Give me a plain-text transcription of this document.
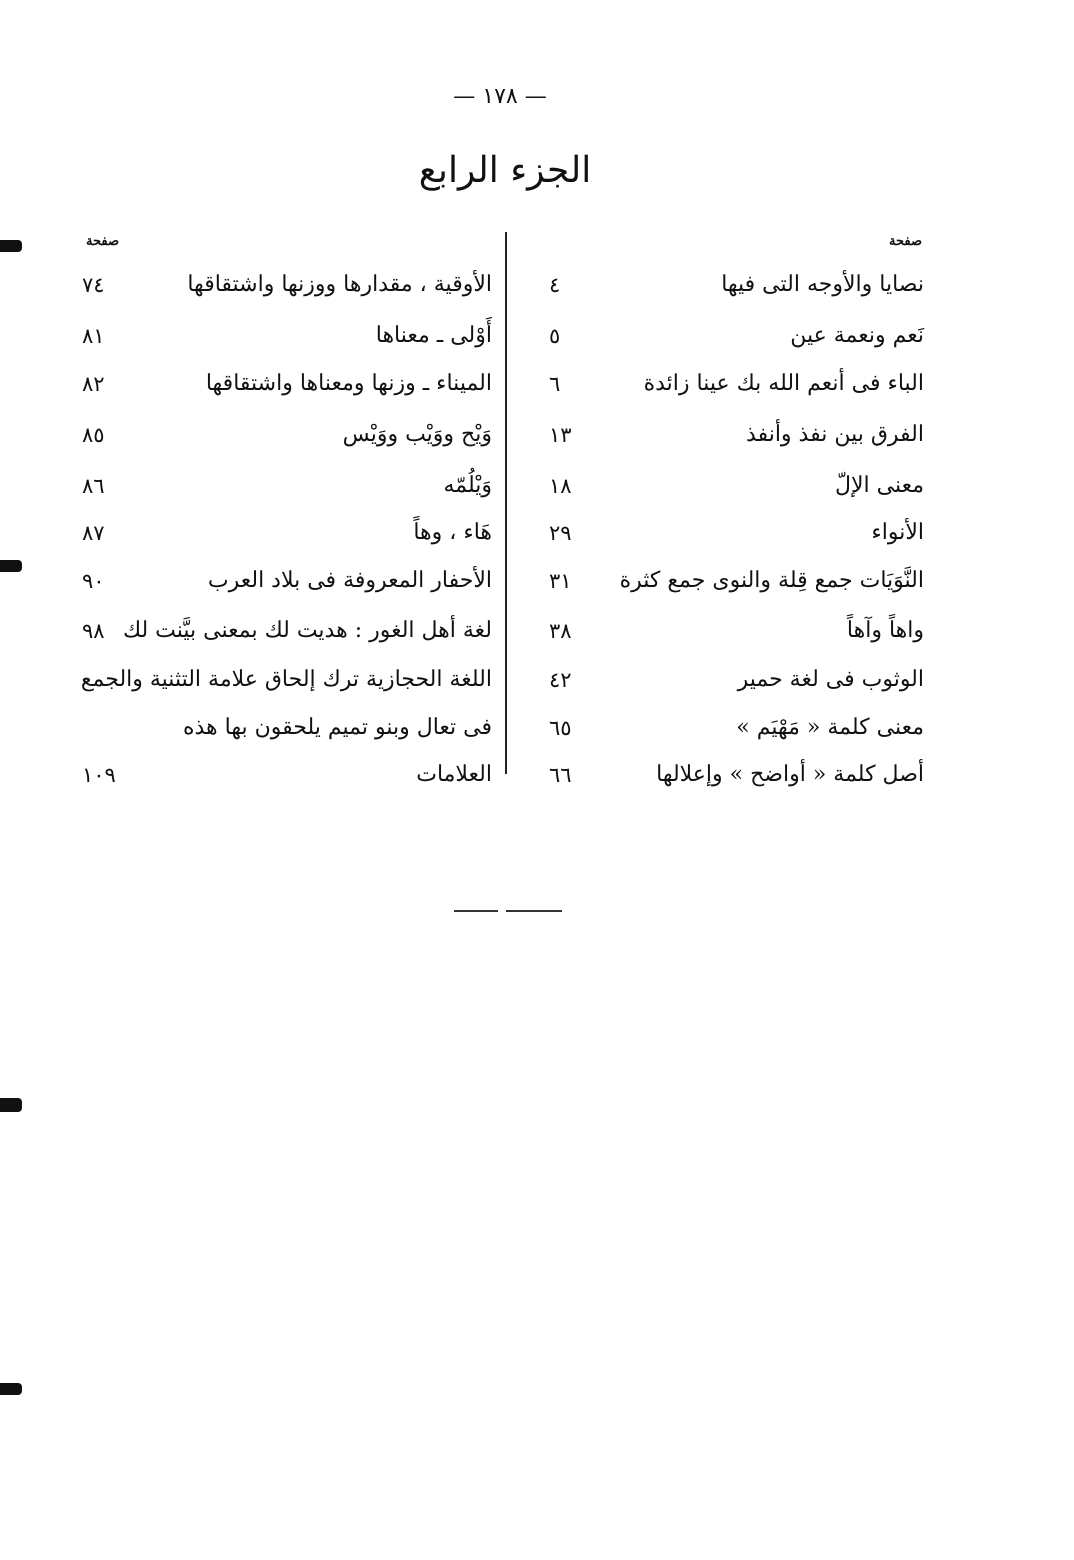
— ١٧٨ —
الجزء الرابع
صفحة
صفحة
نصايا والأوجه التى فيها
٤
نَعم ونعمة عين
٥
الباء فى أنعم الله بك عينا زائدة
٦
الفرق بين نفذ وأنفذ
١٣
معنى الإلّ
١٨
الأنواء
٢٩
النَّوَيَات جمع قِلة والنوى جمع كثرة
٣١
واهاً وآهاً
٣٨
الوثوب فى لغة حمير
٤٢
معنى كلمة « مَهْيَم »
٦٥
أصل كلمة « أواضح » وإعلالها
٦٦
الأوقية ، مقدارها ووزنها واشتقاقها
٧٤
أَوْلى ـ معناها
٨١
الميناء ـ وزنها ومعناها واشتقاقها
٨٢
وَيْح ووَيْب ووَيْس
٨٥
وَيْلُمّه
٨٦
هَاء ، وهاً
٨٧
الأحفار المعروفة فى بلاد العرب
٩٠
لغة أهل الغور : هديت لك بمعنى بيَّنت لك
٩٨
اللغة الحجازية ترك إلحاق علامة التثنية والجمع
فى تعال وبنو تميم يلحقون بها هذه
العلامات
١٠٩
